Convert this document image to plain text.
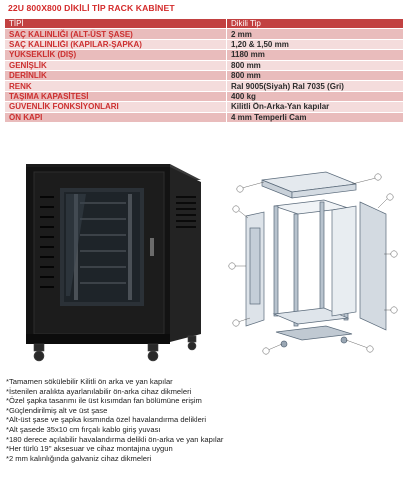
22U 800X800 DİKİLİ TİP RACK KABİNET
TİPİ	Dikili Tip
SAÇ KALINLIĞI (ALT-ÜST ŞASE)	2 mm
SAÇ KALINLIĞI (KAPILAR-ŞAPKA)	1,20 & 1,50 mm
YÜKSEKLİK (DIŞ)	1180 mm
GENİŞLİK	800 mm
DERİNLİK	800 mm
RENK	Ral 9005(Siyah) Ral 7035 (Gri)
TAŞIMA KAPASİTESİ	400 kg
GÜVENLİK FONKSİYONLARI	Kilitli Ön-Arka-Yan kapılar
ÖN KAPI	4 mm Temperli Cam
*Tamamen sökülebilir Kilitli ön arka ve yan kapılar
*İstenilen aralıkta ayarlanılabilir ön-arka cihaz dikmeleri
*Özel şapka tasarımı ile üst kısımdan fan bölümüne erişim
*Güçlendirilmiş alt ve üst şase
*Alt-üst şase ve şapka kısmında özel havalandırma delikleri
*Alt şasede 35x10 cm fırçalı kablo giriş yuvası
*180 derece açılabilir havalandırma delikli ön-arka ve yan kapılar
*Her türlü 19'' aksesuar ve cihaz montajına uygun
*2 mm kalınlığında galvaniz cihaz dikmeleri
